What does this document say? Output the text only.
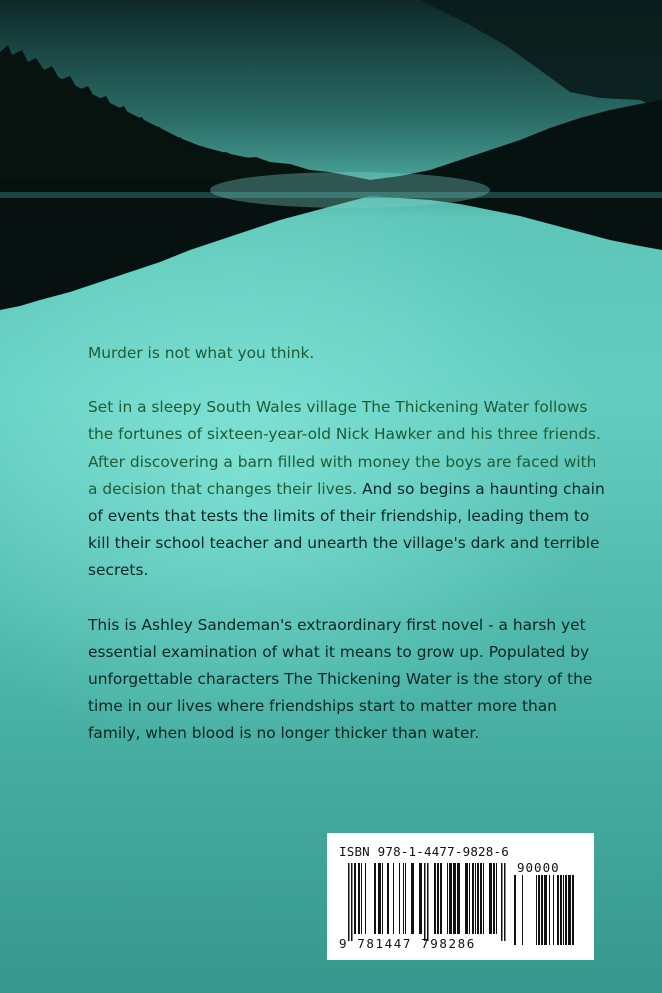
Murder is not what you think.

Set in a sleepy South Wales village The Thickening Water follows the fortunes of sixteen-year-old Nick Hawker and his three friends. After discovering a barn filled with money the boys are faced with a decision that changes their lives. And so begins a haunting chain of events that tests the limits of their friendship, leading them to kill their school teacher and unearth the village's dark and terrible secrets.

This is Ashley Sandeman's extraordinary first novel - a harsh yet essential examination of what it means to grow up. Populated by unforgettable characters The Thickening Water is the story of the time in our lives where friendships start to matter more than family, when blood is no longer thicker than water.

ISBN 978-1-4477-9828-6
90000
9 781447 798286
